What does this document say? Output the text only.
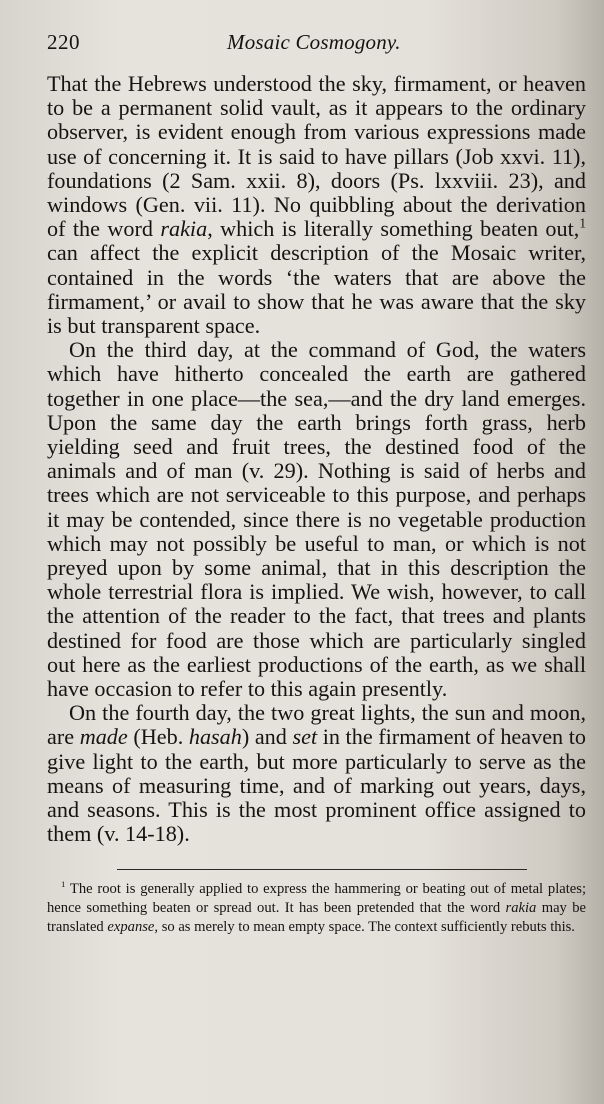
220	Mosaic Cosmogony.

That the Hebrews understood the sky, firmament, or heaven to be a permanent solid vault, as it appears to the ordinary observer, is evident enough from various expressions made use of concerning it. It is said to have pillars (Job xxvi. 11), foundations (2 Sam. xxii. 8), doors (Ps. lxxviii. 23), and windows (Gen. vii. 11). No quibbling about the derivation of the word rakia, which is literally something beaten out,$^1$ can affect the explicit description of the Mosaic writer, contained in the words ‘the waters that are above the firmament,’ or avail to show that he was aware that the sky is but transparent space.

On the third day, at the command of God, the waters which have hitherto concealed the earth are gathered together in one place—the sea,—and the dry land emerges. Upon the same day the earth brings forth grass, herb yielding seed and fruit trees, the destined food of the animals and of man (v. 29). Nothing is said of herbs and trees which are not serviceable to this purpose, and perhaps it may be contended, since there is no vegetable production which may not possibly be useful to man, or which is not preyed upon by some animal, that in this description the whole terrestrial flora is implied. We wish, however, to call the attention of the reader to the fact, that trees and plants destined for food are those which are particularly singled out here as the earliest productions of the earth, as we shall have occasion to refer to this again presently.

On the fourth day, the two great lights, the sun and moon, are made (Heb. hasah) and set in the firmament of heaven to give light to the earth, but more particularly to serve as the means of measuring time, and of marking out years, days, and seasons. This is the most prominent office assigned to them (v. 14-18).

$^1$ The root is generally applied to express the hammering or beating out of metal plates; hence something beaten or spread out. It has been pretended that the word rakia may be translated expanse, so as merely to mean empty space. The context sufficiently rebuts this.
